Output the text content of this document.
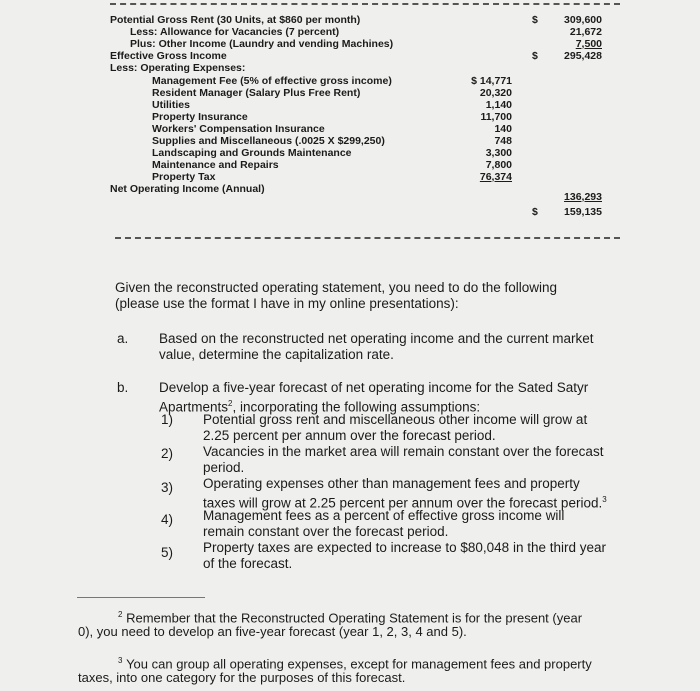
Potential Gross Rent (30 Units, at $860 per month)
Less: Allowance for Vacancies (7 percent)
Plus: Other Income (Laundry and vending Machines)
Effective Gross Income
Less: Operating Expenses:
Management Fee (5% of effective gross income)
Resident Manager (Salary Plus Free Rent)
Utilities
Property Insurance
Workers' Compensation Insurance
Supplies and Miscellaneous (.0025 X $299,250)
Landscaping and Grounds Maintenance
Maintenance and Repairs
Property Tax
Net Operating Income (Annual)
$ 14,771
20,320
1,140
11,700
140
748
3,300
7,800
76,374
$
$
$
309,600
21,672
7,500
295,428
136,293
159,135
Given the reconstructed operating statement, you need to do the following
(please use the format I have in my online presentations):
a. Based on the reconstructed net operating income and the current market
value, determine the capitalization rate.
b. Develop a five-year forecast of net operating income for the Sated Satyr
Apartments$^2$, incorporating the following assumptions:
1) Potential gross rent and miscellaneous other income will grow at
2.25 percent per annum over the forecast period.
2) Vacancies in the market area will remain constant over the forecast
period.
3) Operating expenses other than management fees and property
taxes will grow at 2.25 percent per annum over the forecast period.$^3$
4) Management fees as a percent of effective gross income will
remain constant over the forecast period.
5) Property taxes are expected to increase to $80,048 in the third year
of the forecast.
$^2$ Remember that the Reconstructed Operating Statement is for the present (year
0), you need to develop an five-year forecast (year 1, 2, 3, 4 and 5).
$^3$ You can group all operating expenses, except for management fees and property
taxes, into one category for the purposes of this forecast.
